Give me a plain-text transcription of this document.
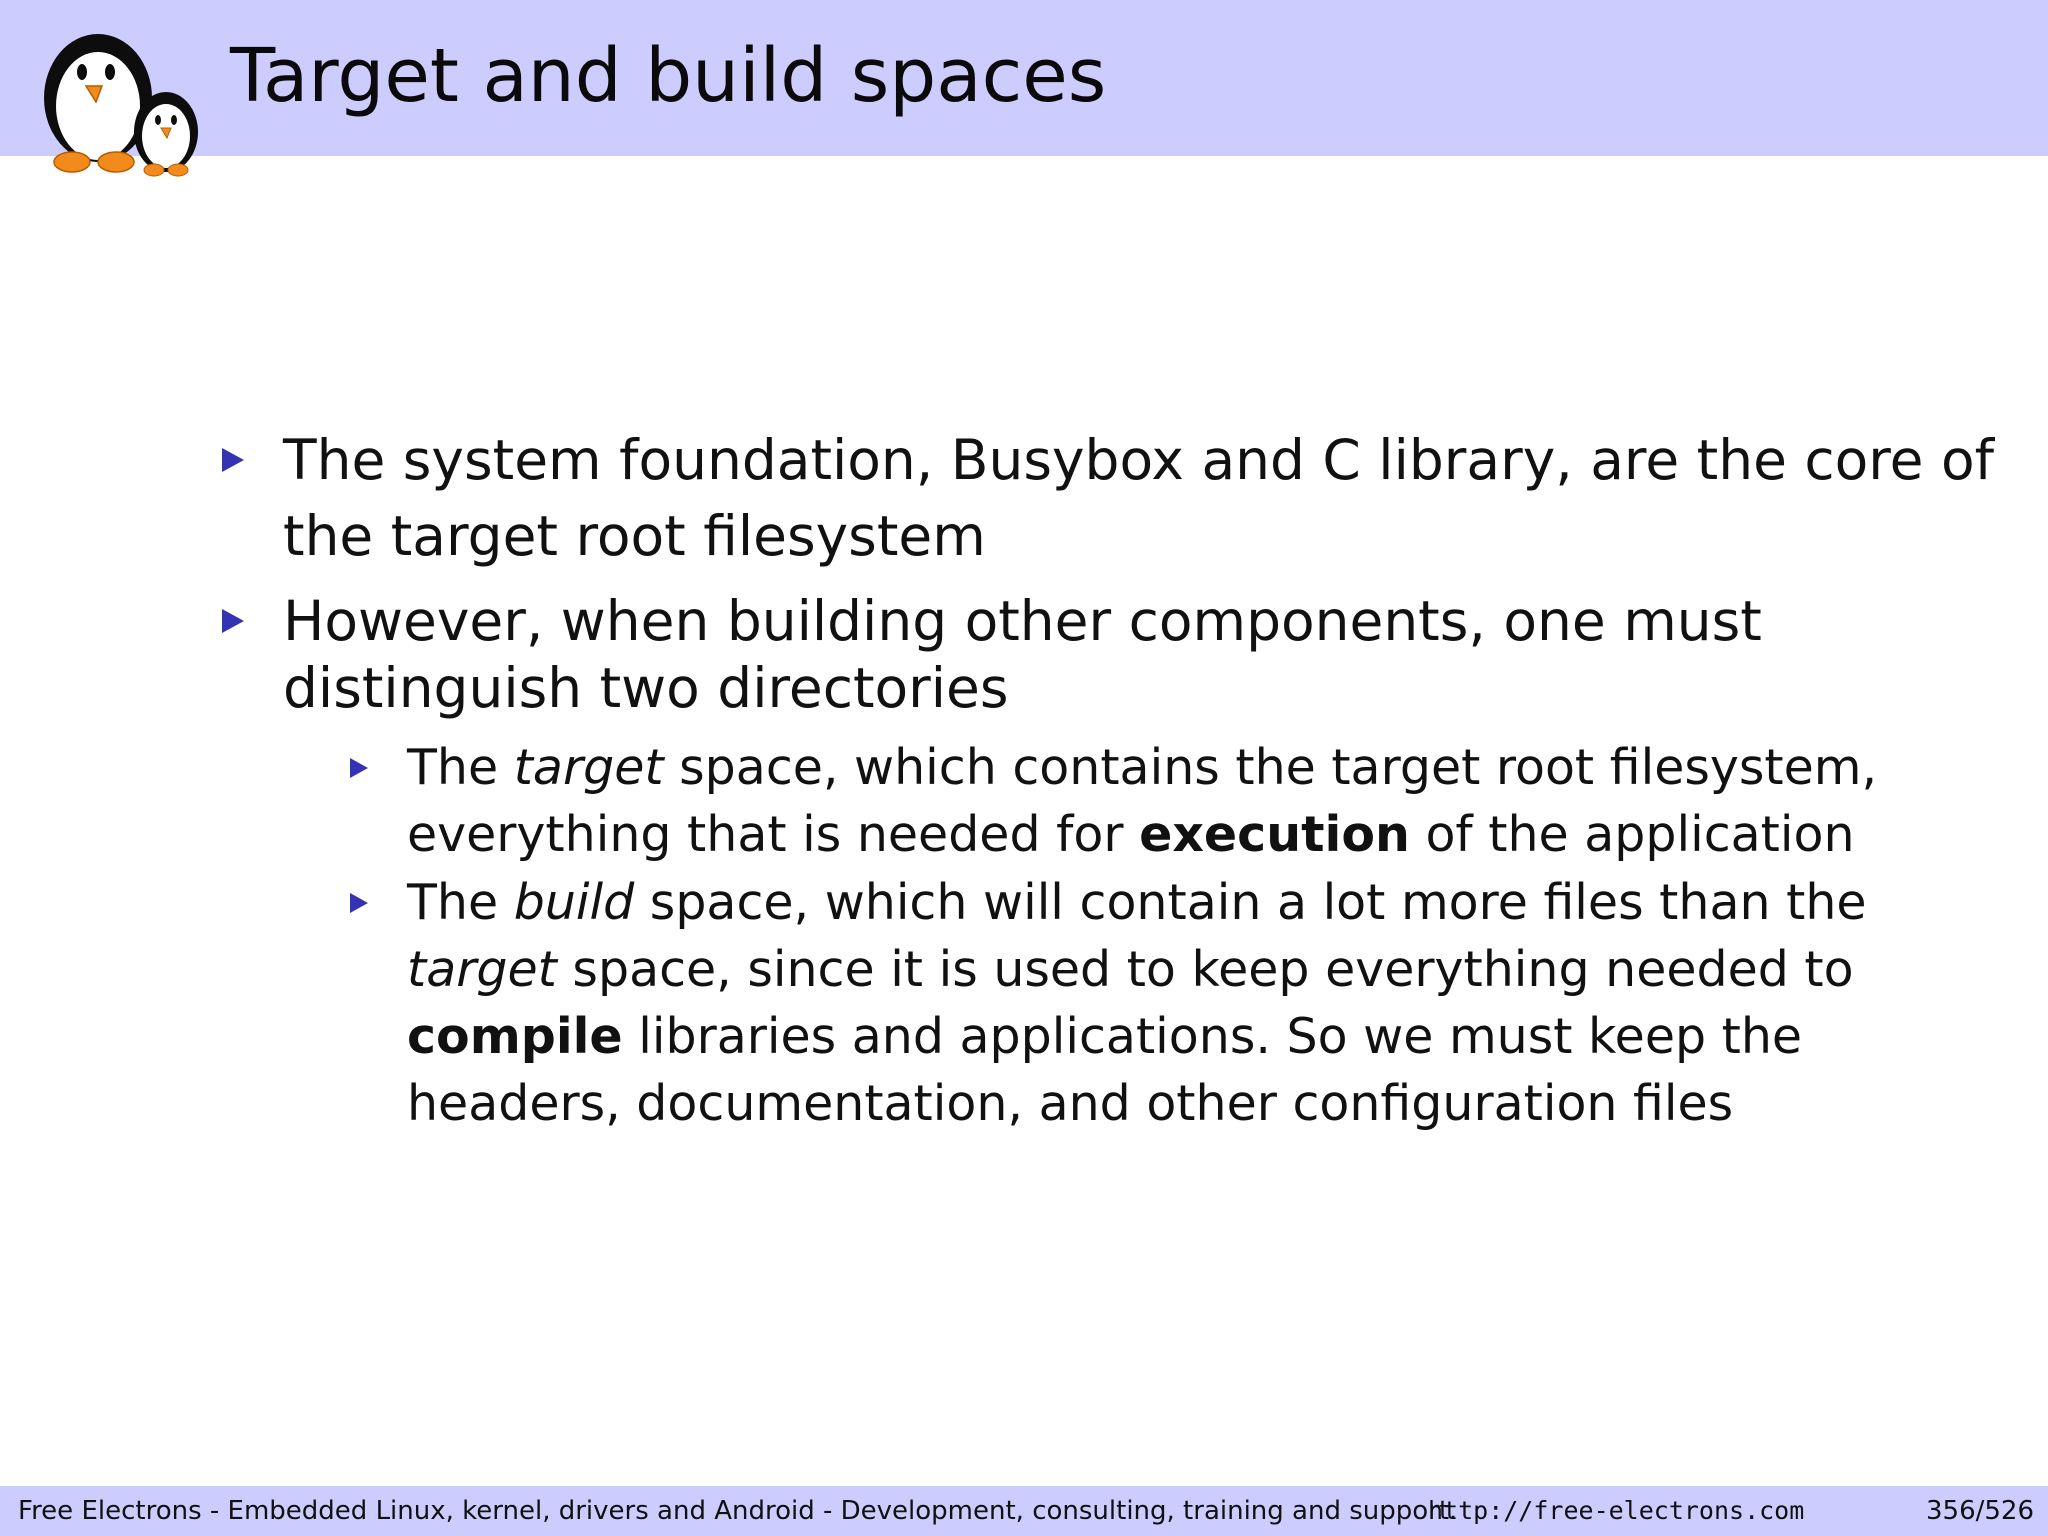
Target and build spaces
The system foundation, Busybox and C library, are the core of
the target root filesystem
However, when building other components, one must
distinguish two directories
The target space, which contains the target root filesystem,
everything that is needed for execution of the application
The build space, which will contain a lot more files than the
target space, since it is used to keep everything needed to
compile libraries and applications. So we must keep the
headers, documentation, and other configuration files
Free Electrons - Embedded Linux, kernel, drivers and Android - Development, consulting, training and support.
http://free-electrons.com	356/526
